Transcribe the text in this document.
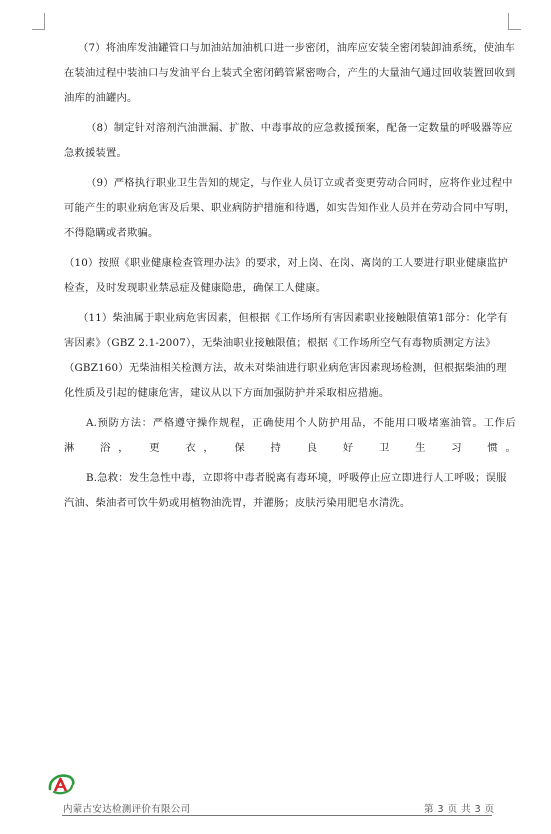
（7）将油库发油罐管口与加油站加油机口进一步密闭，油库应安装全密闭装卸油系统，使油车在装油过程中装油口与发油平台上装式全密闭鹤管紧密吻合，产生的大量油气通过回收装置回收到油库的油罐内。

（8）制定针对溶剂汽油泄漏、扩散、中毒事故的应急救援预案，配备一定数量的呼吸器等应急救援装置。

（9）严格执行职业卫生告知的规定，与作业人员订立或者变更劳动合同时，应将作业过程中可能产生的职业病危害及后果、职业病防护措施和待遇，如实告知作业人员并在劳动合同中写明，不得隐瞒或者欺骗。

（10）按照《职业健康检查管理办法》的要求，对上岗、在岗、离岗的工人要进行职业健康监护检查，及时发现职业禁忌症及健康隐患，确保工人健康。

（11）柴油属于职业病危害因素，但根据《工作场所有害因素职业接触限值第1部分：化学有害因素》（GBZ 2.1-2007），无柴油职业接触限值；根据《工作场所空气有毒物质测定方法》（GBZ160）无柴油相关检测方法，故未对柴油进行职业病危害因素现场检测，但根据柴油的理化性质及引起的健康危害，建议从以下方面加强防护并采取相应措施。

A.预防方法：严格遵守操作规程，正确使用个人防护用品，不能用口吸堵塞油管。工作后

淋　浴，　更　衣，　保　持　良　好　卫　生　习　惯。

B.急救：发生急性中毒，立即将中毒者脱离有毒环境，呼吸停止应立即进行人工呼吸；误服汽油、柴油者可饮牛奶或用植物油洗胃，并灌肠；皮肤污染用肥皂水清洗。

内蒙古安达检测评价有限公司	第 3 页 共 3 页
